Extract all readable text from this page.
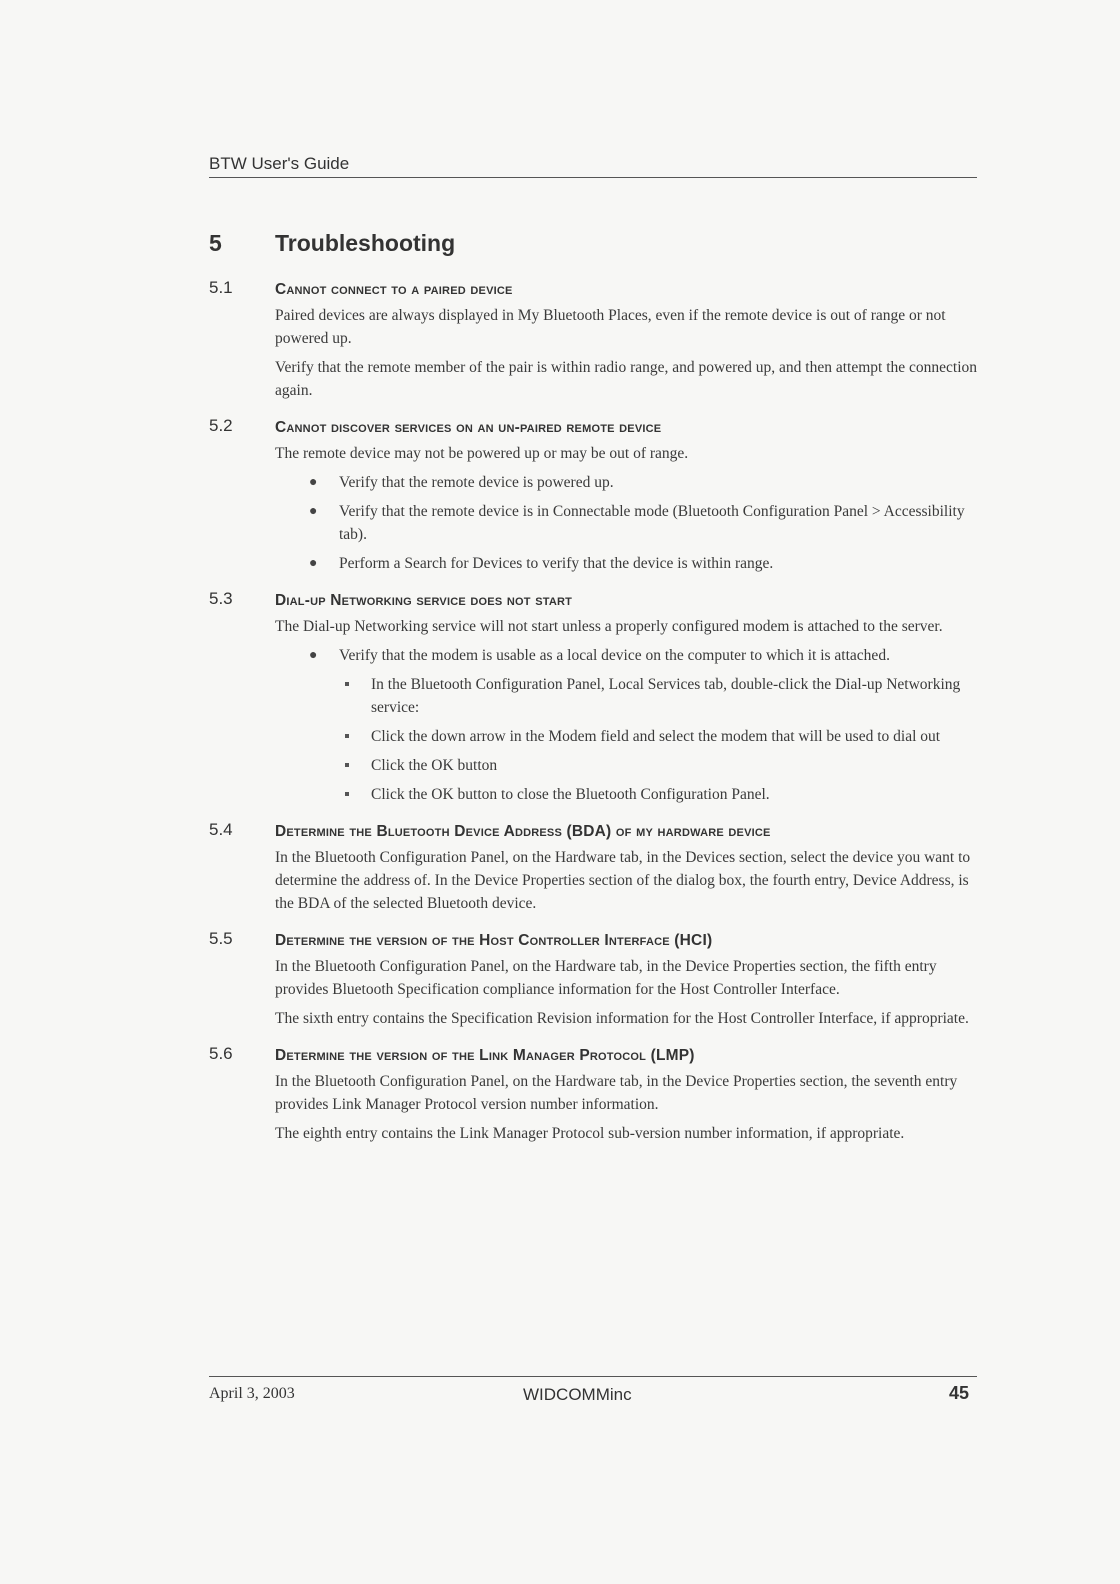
BTW User's Guide
5 Troubleshooting
5.1	Cannot connect to a paired device

Paired devices are always displayed in My Bluetooth Places, even if the remote device is out of range or not powered up.

Verify that the remote member of the pair is within radio range, and powered up, and then attempt the connection again.

5.2	Cannot discover services on an un-paired remote device

The remote device may not be powered up or may be out of range.

● Verify that the remote device is powered up.
● Verify that the remote device is in Connectable mode (Bluetooth Configuration Panel > Accessibility tab).
● Perform a Search for Devices to verify that the device is within range.
5.3	Dial-up Networking service does not start

The Dial-up Networking service will not start unless a properly configured modem is attached to the server.

● Verify that the modem is usable as a local device on the computer to which it is attached.
In the Bluetooth Configuration Panel, Local Services tab, double-click the Dial-up Networking service:
Click the down arrow in the Modem field and select the modem that will be used to dial out
Click the OK button
Click the OK button to close the Bluetooth Configuration Panel.
5.4	Determine the Bluetooth Device Address (BDA) of my hardware device

In the Bluetooth Configuration Panel, on the Hardware tab, in the Devices section, select the device you want to determine the address of. In the Device Properties section of the dialog box, the fourth entry, Device Address, is the BDA of the selected Bluetooth device.

5.5	Determine the version of the Host Controller Interface (HCI)

In the Bluetooth Configuration Panel, on the Hardware tab, in the Device Properties section, the fifth entry provides Bluetooth Specification compliance information for the Host Controller Interface.

The sixth entry contains the Specification Revision information for the Host Controller Interface, if appropriate.

5.6	Determine the version of the Link Manager Protocol (LMP)

In the Bluetooth Configuration Panel, on the Hardware tab, in the Device Properties section, the seventh entry provides Link Manager Protocol version number information.

The eighth entry contains the Link Manager Protocol sub-version number information, if appropriate.

April 3, 2003	WIDCOMMinc	45
